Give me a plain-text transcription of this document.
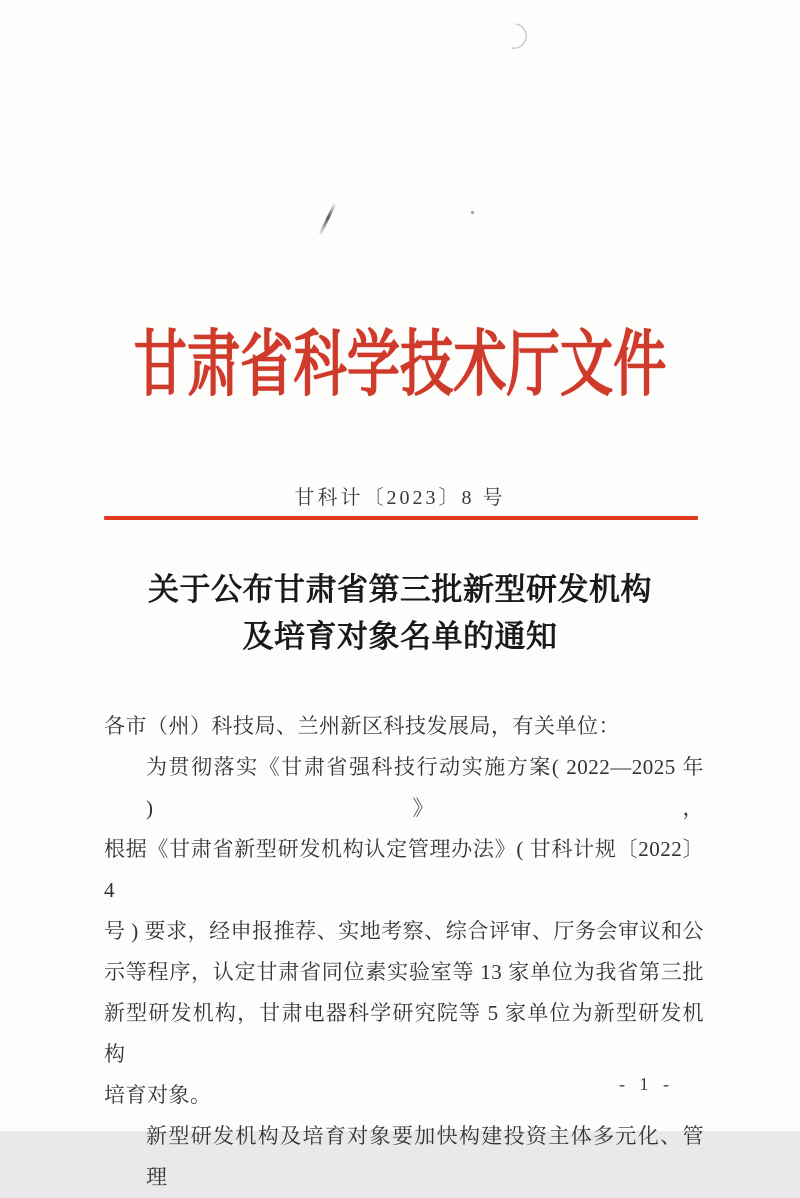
甘肃省科学技术厅文件
甘科计〔2023〕8 号
关于公布甘肃省第三批新型研发机构
及培育对象名单的通知
各市（州）科技局、兰州新区科技发展局，有关单位：
为贯彻落实《甘肃省强科技行动实施方案( 2022—2025 年 )》，
根据《甘肃省新型研发机构认定管理办法》( 甘科计规〔2022〕4
号 ) 要求，经申报推荐、实地考察、综合评审、厅务会审议和公
示等程序，认定甘肃省同位素实验室等 13 家单位为我省第三批
新型研发机构，甘肃电器科学研究院等 5 家单位为新型研发机构
培育对象。
新型研发机构及培育对象要加快构建投资主体多元化、管理
- 1 -
